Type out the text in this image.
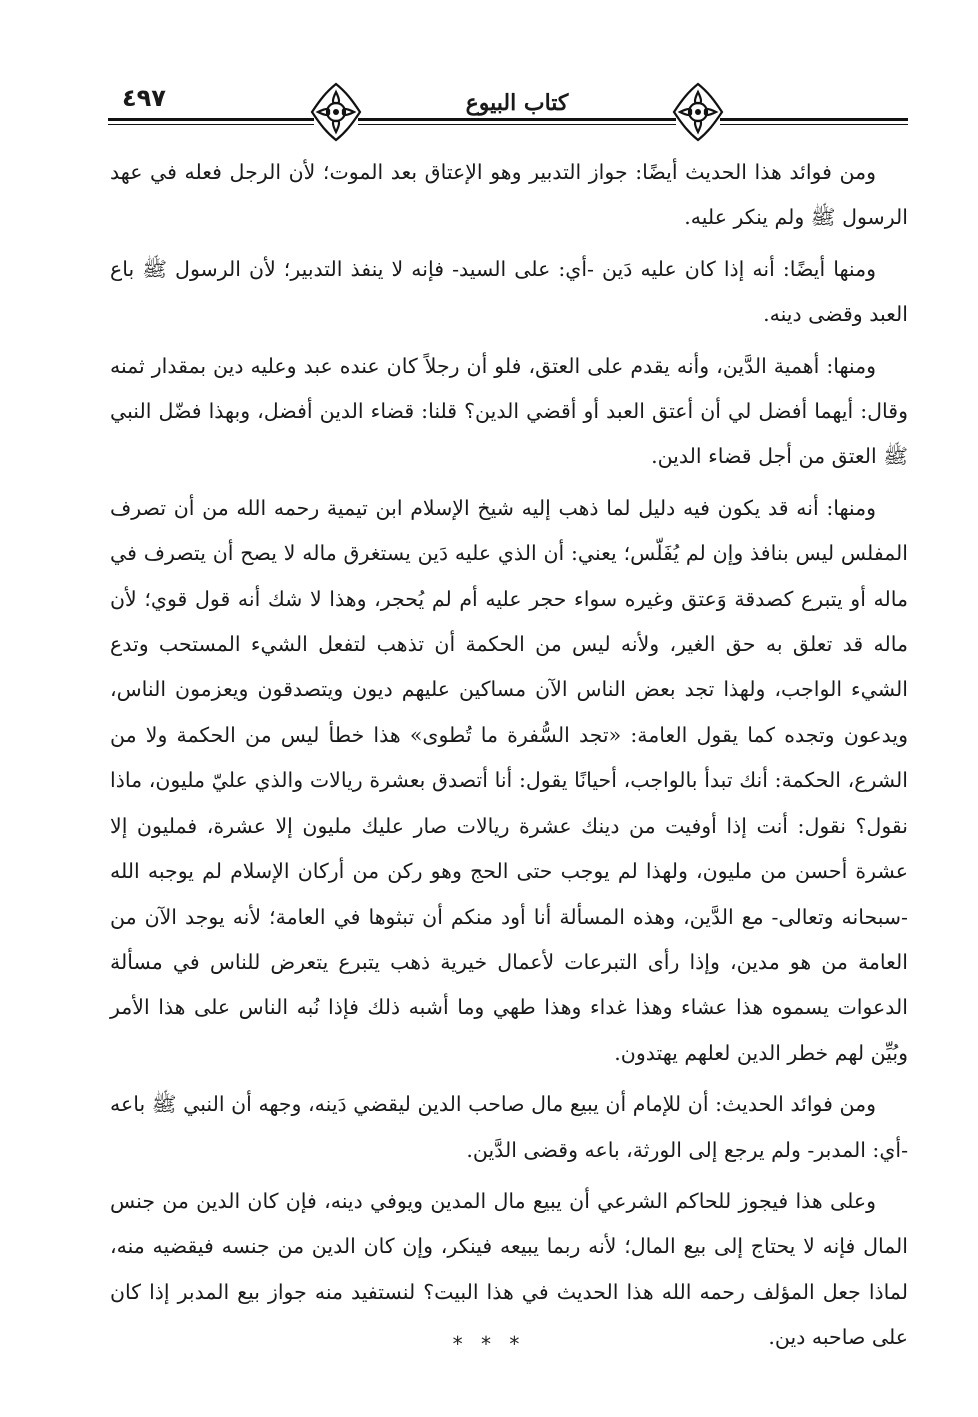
٤٩٧	كتاب البيوع

ومن فوائد هذا الحديث أيضًا: جواز التدبير وهو الإعتاق بعد الموت؛ لأن الرجل فعله في عهد الرسول ﷺ ولم ينكر عليه.

ومنها أيضًا: أنه إذا كان عليه دَين -أي: على السيد- فإنه لا ينفذ التدبير؛ لأن الرسول ﷺ باع العبد وقضى دينه.

ومنها: أهمية الدَّين، وأنه يقدم على العتق، فلو أن رجلاً كان عنده عبد وعليه دين بمقدار ثمنه وقال: أيهما أفضل لي أن أعتق العبد أو أقضي الدين؟ قلنا: قضاء الدين أفضل، وبهذا فضّل النبي ﷺ العتق من أجل قضاء الدين.

ومنها: أنه قد يكون فيه دليل لما ذهب إليه شيخ الإسلام ابن تيمية رحمه الله من أن تصرف المفلس ليس بنافذ وإن لم يُفَلّس؛ يعني: أن الذي عليه دَين يستغرق ماله لا يصح أن يتصرف في ماله أو يتبرع كصدقة وَعتق وغيره سواء حجر عليه أم لم يُحجر، وهذا لا شك أنه قول قوي؛ لأن ماله قد تعلق به حق الغير، ولأنه ليس من الحكمة أن تذهب لتفعل الشيء المستحب وتدع الشيء الواجب، ولهذا تجد بعض الناس الآن مساكين عليهم ديون ويتصدقون ويعزمون الناس، ويدعون وتجده كما يقول العامة: «تجد السُّفرة ما تُطوى» هذا خطأ ليس من الحكمة ولا من الشرع، الحكمة: أنك تبدأ بالواجب، أحيانًا يقول: أنا أتصدق بعشرة ريالات والذي عليّ مليون، ماذا نقول؟ نقول: أنت إذا أوفيت من دينك عشرة ريالات صار عليك مليون إلا عشرة، فمليون إلا عشرة أحسن من مليون، ولهذا لم يوجب حتى الحج وهو ركن من أركان الإسلام لم يوجبه الله -سبحانه وتعالى- مع الدَّين، وهذه المسألة أنا أود منكم أن تبثوها في العامة؛ لأنه يوجد الآن من العامة من هو مدين، وإذا رأى التبرعات لأعمال خيرية ذهب يتبرع يتعرض للناس في مسألة الدعوات يسموه هذا عشاء وهذا غداء وهذا طهي وما أشبه ذلك فإذا نُبه الناس على هذا الأمر وبُيِّن لهم خطر الدين لعلهم يهتدون.

ومن فوائد الحديث: أن للإمام أن يبيع مال صاحب الدين ليقضي دَينه، وجهه أن النبي ﷺ باعه -أي: المدبر- ولم يرجع إلى الورثة، باعه وقضى الدَّين.

وعلى هذا فيجوز للحاكم الشرعي أن يبيع مال المدين ويوفي دينه، فإن كان الدين من جنس المال فإنه لا يحتاج إلى بيع المال؛ لأنه ربما يبيعه فينكر، وإن كان الدين من جنسه فيقضيه منه، لماذا جعل المؤلف رحمه الله هذا الحديث في هذا البيت؟ لنستفيد منه جواز بيع المدبر إذا كان على صاحبه دين.

* * *
